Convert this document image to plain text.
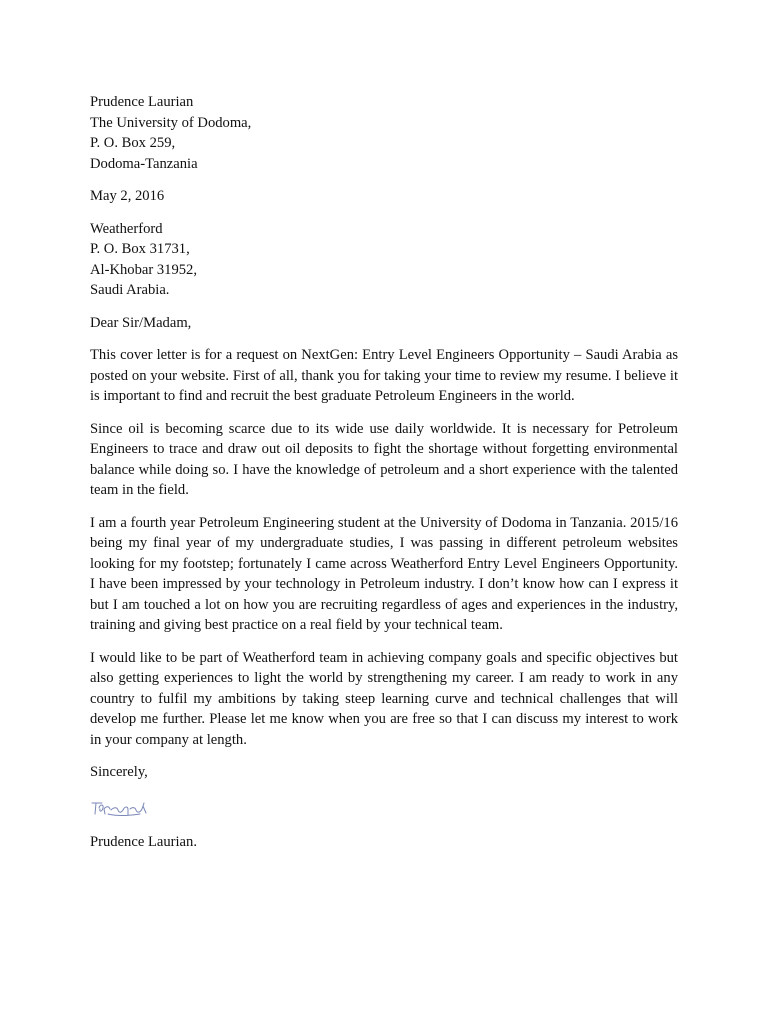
Prudence Laurian
The University of Dodoma,
P. O. Box 259,
Dodoma-Tanzania
May 2, 2016
Weatherford
P. O. Box 31731,
Al-Khobar 31952,
Saudi Arabia.
Dear Sir/Madam,

This cover letter is for a request on NextGen: Entry Level Engineers Opportunity – Saudi Arabia as posted on your website. First of all, thank you for taking your time to review my resume. I believe it is important to find and recruit the best graduate Petroleum Engineers in the world.

Since oil is becoming scarce due to its wide use daily worldwide. It is necessary for Petroleum Engineers to trace and draw out oil deposits to fight the shortage without forgetting environmental balance while doing so. I have the knowledge of petroleum and a short experience with the talented team in the field.

I am a fourth year Petroleum Engineering student at the University of Dodoma in Tanzania. 2015/16 being my final year of my undergraduate studies, I was passing in different petroleum websites looking for my footstep; fortunately I came across Weatherford Entry Level Engineers Opportunity. I have been impressed by your technology in Petroleum industry. I don’t know how can I express it but I am touched a lot on how you are recruiting regardless of ages and experiences in the industry, training and giving best practice on a real field by your technical team.

I would like to be part of Weatherford team in achieving company goals and specific objectives but also getting experiences to light the world by strengthening my career. I am ready to work in any country to fulfil my ambitions by taking steep learning curve and technical challenges that will develop me further. Please let me know when you are free so that I can discuss my interest to work in your company at length.

Sincerely,
Prudence Laurian.
